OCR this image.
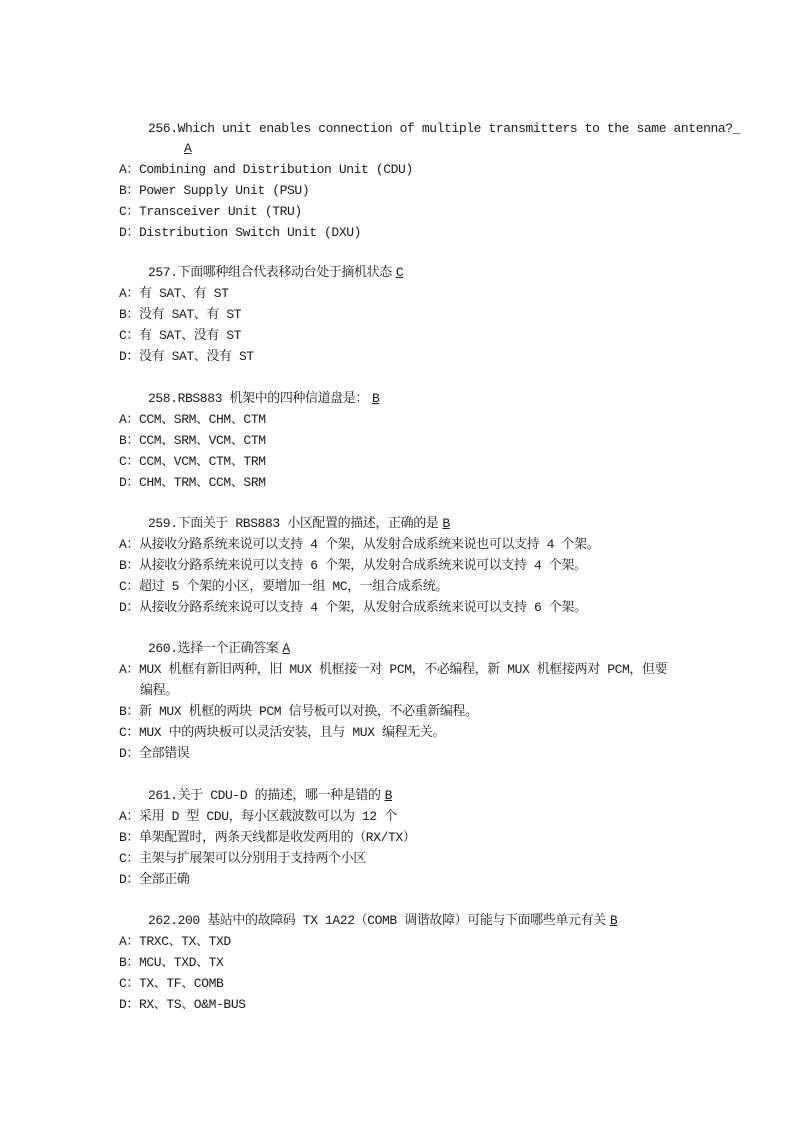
256.Which unit enables connection of multiple transmitters to the same antenna?_
A
A：Combining and Distribution Unit (CDU)
B：Power Supply Unit (PSU)
C：Transceiver Unit (TRU)
D：Distribution Switch Unit (DXU)
257.下面哪种组合代表移动台处于摘机状态 C
A：有 SAT、有 ST
B：没有 SAT、有 ST
C：有 SAT、没有 ST
D：没有 SAT、没有 ST
258.RBS883 机架中的四种信道盘是： B
A：CCM、SRM、CHM、CTM
B：CCM、SRM、VCM、CTM
C：CCM、VCM、CTM、TRM
D：CHM、TRM、CCM、SRM
259.下面关于 RBS883 小区配置的描述，正确的是 B
A：从接收分路系统来说可以支持 4 个架，从发射合成系统来说也可以支持 4 个架。
B：从接收分路系统来说可以支持 6 个架，从发射合成系统来说可以支持 4 个架。
C：超过 5 个架的小区，要增加一组 MC，一组合成系统。
D：从接收分路系统来说可以支持 4 个架，从发射合成系统来说可以支持 6 个架。
260.选择一个正确答案 A
A：MUX 机框有新旧两种，旧 MUX 机框接一对 PCM，不必编程，新 MUX 机框接两对 PCM，但要
编程。
B：新 MUX 机框的两块 PCM 信号板可以对换，不必重新编程。
C：MUX 中的两块板可以灵活安装，且与 MUX 编程无关。
D：全部错误
261.关于 CDU-D 的描述，哪一种是错的 B
A：采用 D 型 CDU，每小区载波数可以为 12 个
B：单架配置时，两条天线都是收发两用的（RX/TX）
C：主架与扩展架可以分别用于支持两个小区
D：全部正确
262.200 基站中的故障码 TX 1A22（COMB 调谐故障）可能与下面哪些单元有关 B
A：TRXC、TX、TXD
B：MCU、TXD、TX
C：TX、TF、COMB
D：RX、TS、O&M-BUS
